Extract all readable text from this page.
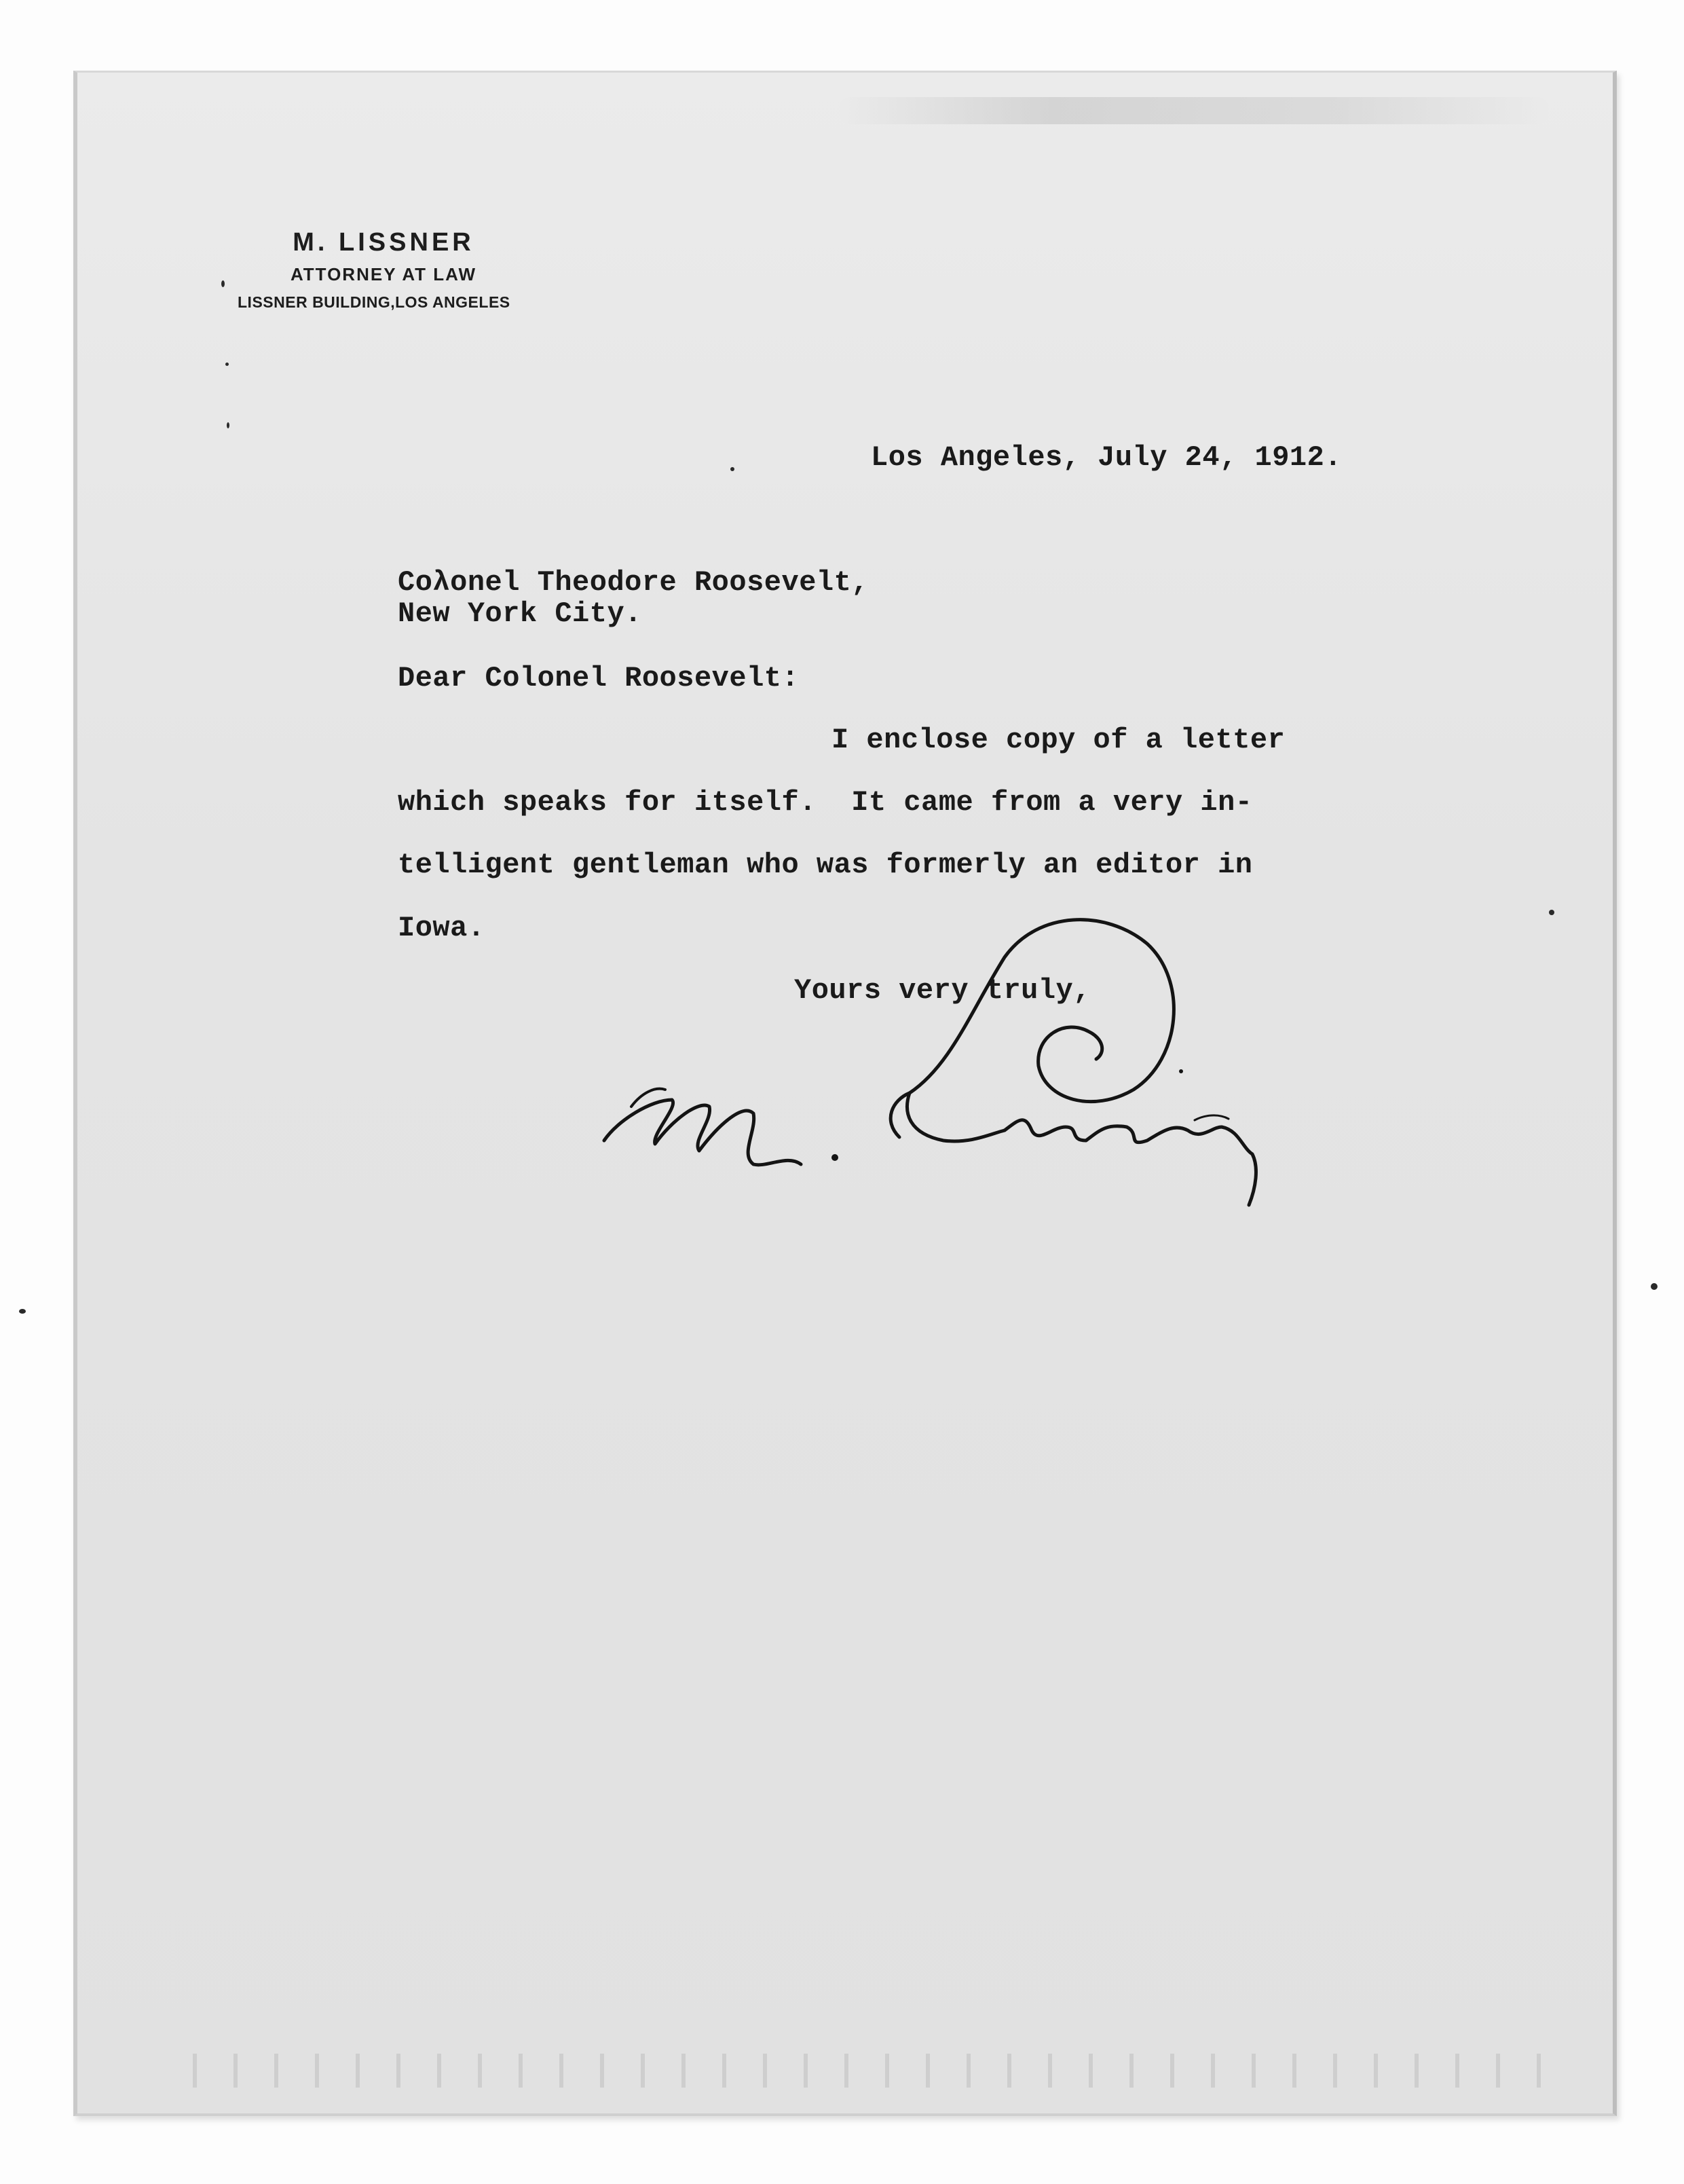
M. LISSNER
ATTORNEY AT LAW
LISSNER BUILDING,LOS ANGELES
Los Angeles, July 24, 1912.
Coλonel Theodore Roosevelt,
New York City.
Dear Colonel Roosevelt:
I enclose copy of a letter
which speaks for itself.  It came from a very in-
telligent gentleman who was formerly an editor in
Iowa.
Yours very truly,
